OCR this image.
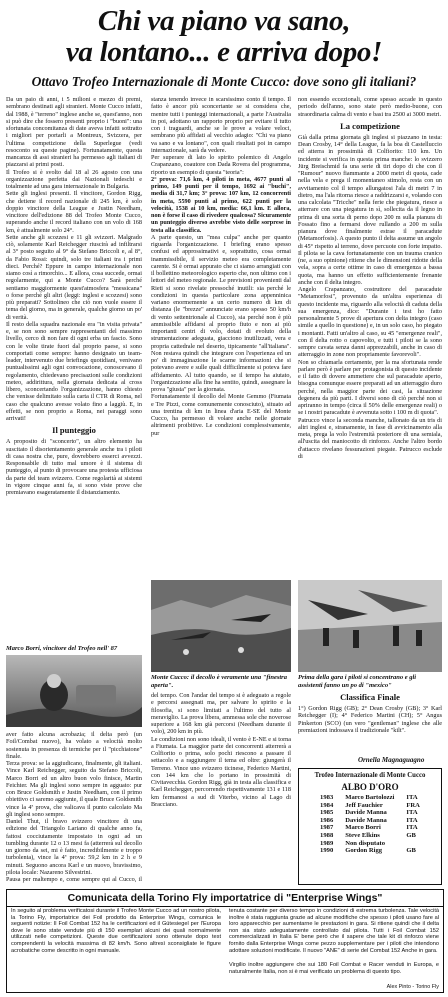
Chi va piano va sano,
va lontano... e arriva dopo!
Ottavo Trofeo Internazionale di Monte Cucco: dove sono gli italiani?

Da un paio di anni, i 5 milioni e mezzo di premi, sembrano destinati agli stranieri. Monte Cucco infatti, dal 1988, è "terreno" inglese anche se, quest'anno, non si può dire che fossero presenti proprio i "buoni": una sfortunata concomitanza di date aveva infatti sottratto i migliori per portarli a Montreux, Svizzera, per l'ultima competizione della Superlegue (vedi resoconto su queste pagine). Fortunatamente, questa mancanza di assi stranieri ha permesso agli italiani di piazzarsi ai primi posti.

Il Trofeo si è svolto dal 18 al 26 agosto con una organizzazione perfetta dai Nazionali tedeschi e totalmente ad una gara internazionale in Bulgaria.

Sette gli inglesi presenti. Il vincitore, Gordon Rigg, che detiene il record nazionale di 245 km, è solo doppio vincitore della League e Justin Needham, vincitore dell'edizione 88 del Trofeo Monte Cucco, superando anche il record italiano con un volo di 168 km, è attualmente solo 24°.

Sette anche gli scozzesi e 11 gli svizzeri. Malgrado ciò, solamente Karl Reichegger riuscirà ad infiltrarsi al 3° posto seguito al 9° da Stefano Briccoli e, al 8°, da Fabio Rossi: quindi, solo tre italiani tra i primi dieci. Perché? Eppure in campo internazionale non siamo così a rimorchio... E allora, cosa succede, ormai regolarmente, qui a Monte Cucco? Sarà perché sentiamo maggiormente quest'atmosfera "messicana" o forse perché gli altri (leggi: inglesi e scozzesi) sono più preparati? Sottolineo che ciò non vuole essere il tema del giorno, ma in generale, qualche giorno un po' di verità.

Il resto della squadra nazionale era "in visita privata" e, se non sono sempre rappresentanti del massimo livello, cerco di non fare di ogni erba un fascio. Sono con le volte tirate fuori dal proprio paese, si sono comportati come sempre: hanno designato un team-leader, intervenuto due briefings quotidiani, venivano puntualissimi agli ogni convocazione, conoscevano il regolamento, chiedevano precisazioni sulle condizioni meteo, addirittura, nella giornata dedicata al cross libero, sconcertando l'organizzazione, hanno chiesto che venisse delimitato sulla carta il CTR di Roma, nel caso che qualcuno avesse volato fino a laggiù. E, in effetti, se non proprio a Roma, nei paraggi sono arrivati!

Il punteggio

A proposito di "sconcerto", un altro elemento ha suscitato il disorientamento generale anche tra i piloti di casa nostra che, pure, dovrebbero esserci avvezzi. Responsabile di tutto mal umore è il sistema di punteggio, al punto di provocare una protesta ufficiosa da parte del team svizzero. Come regolarità ai sistemi in vigore cinque anni fa, si sono viste prove che premiavano esageratamente il distanziamento.

stanza tenendo invece in scarsissimo conto il tempo. Il fatto è ancor più sconcertante se si considera che, mentre tutti i punteggi internazionali, a parte l'Australia in poi, adottano un rapporto proprio per evitare il tutto con i traguardi, anche se le prove a volare veloci, sembrano più affidati al vecchio adagio: "Chi va piano va sano e va lontano", con quali risultati poi in campo internazionale, sarà da vedere.

Per superare di lato lo spirito polemico di Angelo Crapanzano, coautore con Dada Rovera del programma, riporto un esempio di questa "teoria":

2° prova: 71,6 km, 4 piloti in meta, 4677 punti al primo, 149 punti per il tempo, 1692 ai "buchi", media di 31,7 km; 3° prova: 107 km, 12 concorrenti in meta, 5590 punti al primo, 622 punti per la velocità, 1538 ai 10 km, media: 66,1 km. E allora, non è forse il caso di rivedere qualcosa? Sicuramente un punteggio diverso avrebbe visto delle sorprese in testa alla classifica.

A parte questo, un "mea culpa" anche per quanto riguarda l'organizzazione. I briefing erano spesso confusi ed approssimativi e, soprattutto, cosa ormai inammissibile, il servizio meteo era completamente carente. Si è ormai appurato che ci siamo arrangiati con il bollettino meteorologico esperto che, non ultimo con i lettori del meteo regionale. Le previsioni provenienti dal Rieti si sono rivelate pressoché inutili: sia perché le condizioni in questa particolare zona appenninica variano enormemente a un certo numero di km di distanza (le "brezze" annunciate erano spesso 50 km/h di vento settentrionale al Cucco), sia perché non è più ammissibile affidarsi al proprio fiuto e non ai più importanti centri di volo, dotati di evoluto della strumentazione adeguata, giacciono inutilizzati, vera e propria cattedrale nel deserto, tipicamente "all'italiana". Non restava quindi che integrare con l'esperienza ed un po' di immaginazione le scarne informazioni che si potevano avere e sulle quali difficilmente si poteva fare affidamento. Al tutto quando, se il tempo ha aiutato, l'organizzazione alla fine ha sentito, quindi, assegnare la prova "giusta" per la giornata.

Fortunatamente il decollo del Monte Gemmo (Fiumata e Tre Pizzi, come comunemente conosciuto), situato ad una trentina di km in linea d'aria E-SE del Monte Cucco, ha permesso di volare anche nelle giornate altrimenti proibitive. Le condizioni complessivamente, pur

non essendo eccezionali, come spesso accade in questo periodo dell'anno, sono state però medio-buone, con straordinaria calma di vento e basi tra 2500 ai 3000 metri.

La competizione

Già dalla prima giornata gli inglesi si piazzano in testa: Dean Crosby, 14° della League, fa la boa di Castelluccio ed atterra in prossimità di Colfiorito: 110 km. Un incidente si verifica in questa prima manche: lo svizzero Jürg Breischmid fa una serie di tiri dopo di che con il "Rumour" nuovo fiammante a 2000 metri di quota, cade nella vela e prega il momentaneo stimolo, resta con un avvitamento col il tempo allungatosi l'ala di metri 7 in dietro, ma l'ala ritorna riesce a raddrizzarsi e, volando con una calcolata "Tricche" nella ferie che piegatura, riesce a atterrare con una piegatura in sì, sollecita da il legno in prima di una sorta di perno dopo 200 m sulla pianura di Fossato fino a fermarsi dove rullando a 200 m sulla pianura dove finalmente estrae il paracadute (Metamorfosis). A questo punto il delta assume un angolo di 45° rispetto al terreno, dove percuote con forte impatto. Il pilota se la cava fortunatamente con un trauma cranico (ne, a suo opinione) ritiene che le dimensioni ridotte della vela, sopra a certe ottime in caso di emergenza a bassa quota, ma hanno un effetto sufficientemente frenante anche con il delta integro.

Angelo Crapanzano, costruttore del paracadute "Metamorfosi", provenuto da un'altra esperienza di questo incidente ma, riguardo alla velocità di caduta della sua emergenza, dice: "Durante i test ho fatto personalmente 5 prove di apertura con delta integro (caso simile a quello in questione) e, in un solo caso, ho piegato i montanti. Fatti un'altro al caso, su 45 "emergenze reali", con il delta rotto o capovolto, e tutti i piloti se la sono sempre cavata senza danni apprezzabili, anche in caso di atterraggio in zone non propriamente favorevoli".

Non so chiamarla certamente, per la ma sfortunata rende parlare però è parlare per protagonista di questo incidente e il fatto di dovere ammettere che sul paracadute aperto, bisogna comunque essere preparati ad un atterraggio duro perché, nella maggior parte dei casi, la situazione degenera da più parti. I diversi sono di ciò perché non si apriranno in tempo (circa il 50% delle emergenze reali) o se i nostri paracadute è avvenuta sotto i 100 m di quota".

Patrucco vince la seconda manche, tallonato da un tris di altri inglesi e, stranamente, in fase di avvicinamento alla meta, prega la volo l'estremità posteriore di una semiala, all'uscita del maniocotto di rinforzo. Anche l'altro bordo d'attacco rivelano fessurazioni piegate. Patrucco esclude di

Marco Borri, vincitore del Trofeo nell' 87
Monte Cucco: il decollo è veramente una "finestra aperta".
Prima della gara i piloti si concentrano e gli assistenti fanno un po di "mexico"

aver fatto alcuna acrobazia; il delta però (un Foil/Combat nuovo), ha volato a velocità molto sostenuta in presenza di termiche per il "picchiatone" finale.

Terza prova: se la aggiudicano, finalmente, gli italiani. Vince Karl Reichegger, seguito da Stefano Briccoli, Marco Borri ed un altro buon volo finisce, Martin Feichter. Ma gli inglesi sono sempre in agguato: pur con Bruce Goldsmith e Justin Needham, con il primo obiettivo ci saremo aggiunte, il quale Bruce Goldsmith vince la 4ª prova, che valicava il punto calcolato Ma gli inglesi sono sempre.

Daniel Thut, il bravo svizzero vincitore di una edizione del Triangolo Lariano di qualche anno fa, fattosi cocciutamente impostato in ogni ad un tumbling durante 12 o 13 mesi fa (atterrerà sul decollo un giorno da sei, mi è fatto, incredibilmente e troppo turbolenta), vince la 4ª prova: 59,2 km in 2 h e 9 minuti. Seguono ancora Karl e un nuovo, bravissimo, pilota locale: Nazareno Silvestrini.

Pausa per maltempo e, come sempre qui al Cucco, il

del tempo. Con l'andar del tempo si è adeguato a regole e percorsi assegnati ma, per salvare lo spirito e la filosofia, si sono limitati a l'ultimo del tutto al meraviglio. La prova libera, ammessa sole che noverose superiore a 168 km già percorsi (Needham durante il volo), 200 km in più.

Le condizioni non sono ideali, il vento è E-NE e si torna a Fiumata. La maggior parte dei concorrenti atterrerà a Colfiorito o prima, solo pochi riescono a passare il settacolo e a raggiungere il tema ed oltre: giungerà il Terreno. Vince uno svizzero ticinese, Federico Martini, con 144 km che lo portano in prossimità di Civitavecchia. Gordon Rigg, già in testa alla classifica e Karl Reichegger, percorrendo rispettivamente 131 e 118 km fermanosi a sud di Viterbo, vicino al Lago di Bracciano.

Classifica Finale

1°) Gordon Rigg (GB); 2° Dean Crosby (GB); 3° Karl Reichegger (I); 4° Federico Martini (CH); 5° Angus Pinkerton (SCO) (un vero "gentleman" inglese che alle premiazioni indossava il tradizionale "kilt".

Ornella Magnaguagno
Trofeo Internazionale di Monte Cucco
ALBO D'ORO
1983	Marco Bartolozzi	ITA
1984	Jeff Fauchier	FRA
1985	Davide Manna	ITA
1986	Davide Manna	ITA
1987	Marco Borri	ITA
1988	Steve Elkins	GB
1989	Non disputato	
1990	Gordon Rigg	GB
Comunicata della Torino Fly importatrice di "Enterprise Wings"
In seguito al problema verificatosi durante il Trofeo Monte Cucco ad un nostro pilota, la Torino Fly, importatrice dei Foil prodotto da Enterprise Wings, comunica le seguenti notizie: Il Foil Combat 152 ha le certificazioni ed il Gütesiegel per l'Europa dove le sono state vendute più di 150 esemplari alcuni dei quali normalmente utilizzati nelle competizioni. Queste due certificazioni sono ottenute dopo test comprendenti la velocità massima di 82 km/h. Sono altresì sconsigliate le figure acrobatiche come descritto in ogni manuale.
tenuta costante per diverso tempo in condizioni di estrema turbolenza. Tale velocità inoltre è stata raggiunta grazie ad alcune modifiche che spesso i piloti usano fare al loro apparecchio per aumentarne le prestazioni in gara. Si ritiene quindi che il delta non sia stato adeguatamente controllato dal pilota. Tutti i Foil Combat 152 commercializzati in Italia E' bene però che il sapere che tale kit di rinforzo viene fornito dalla Enterprise Wings come pezzo supplementare per i piloti che intendono adottare soluzioni modificate. Il nuovo "ANE" di serie del Combat 152 Anche in gara.
Virgilio inoltre aggiungere che sui 180 Foil Combat e Racer venduti in Europa, e naturalmente Italia, non si è mai verificato un problema di questo tipo.
Alex Pinto - Torino Fly
